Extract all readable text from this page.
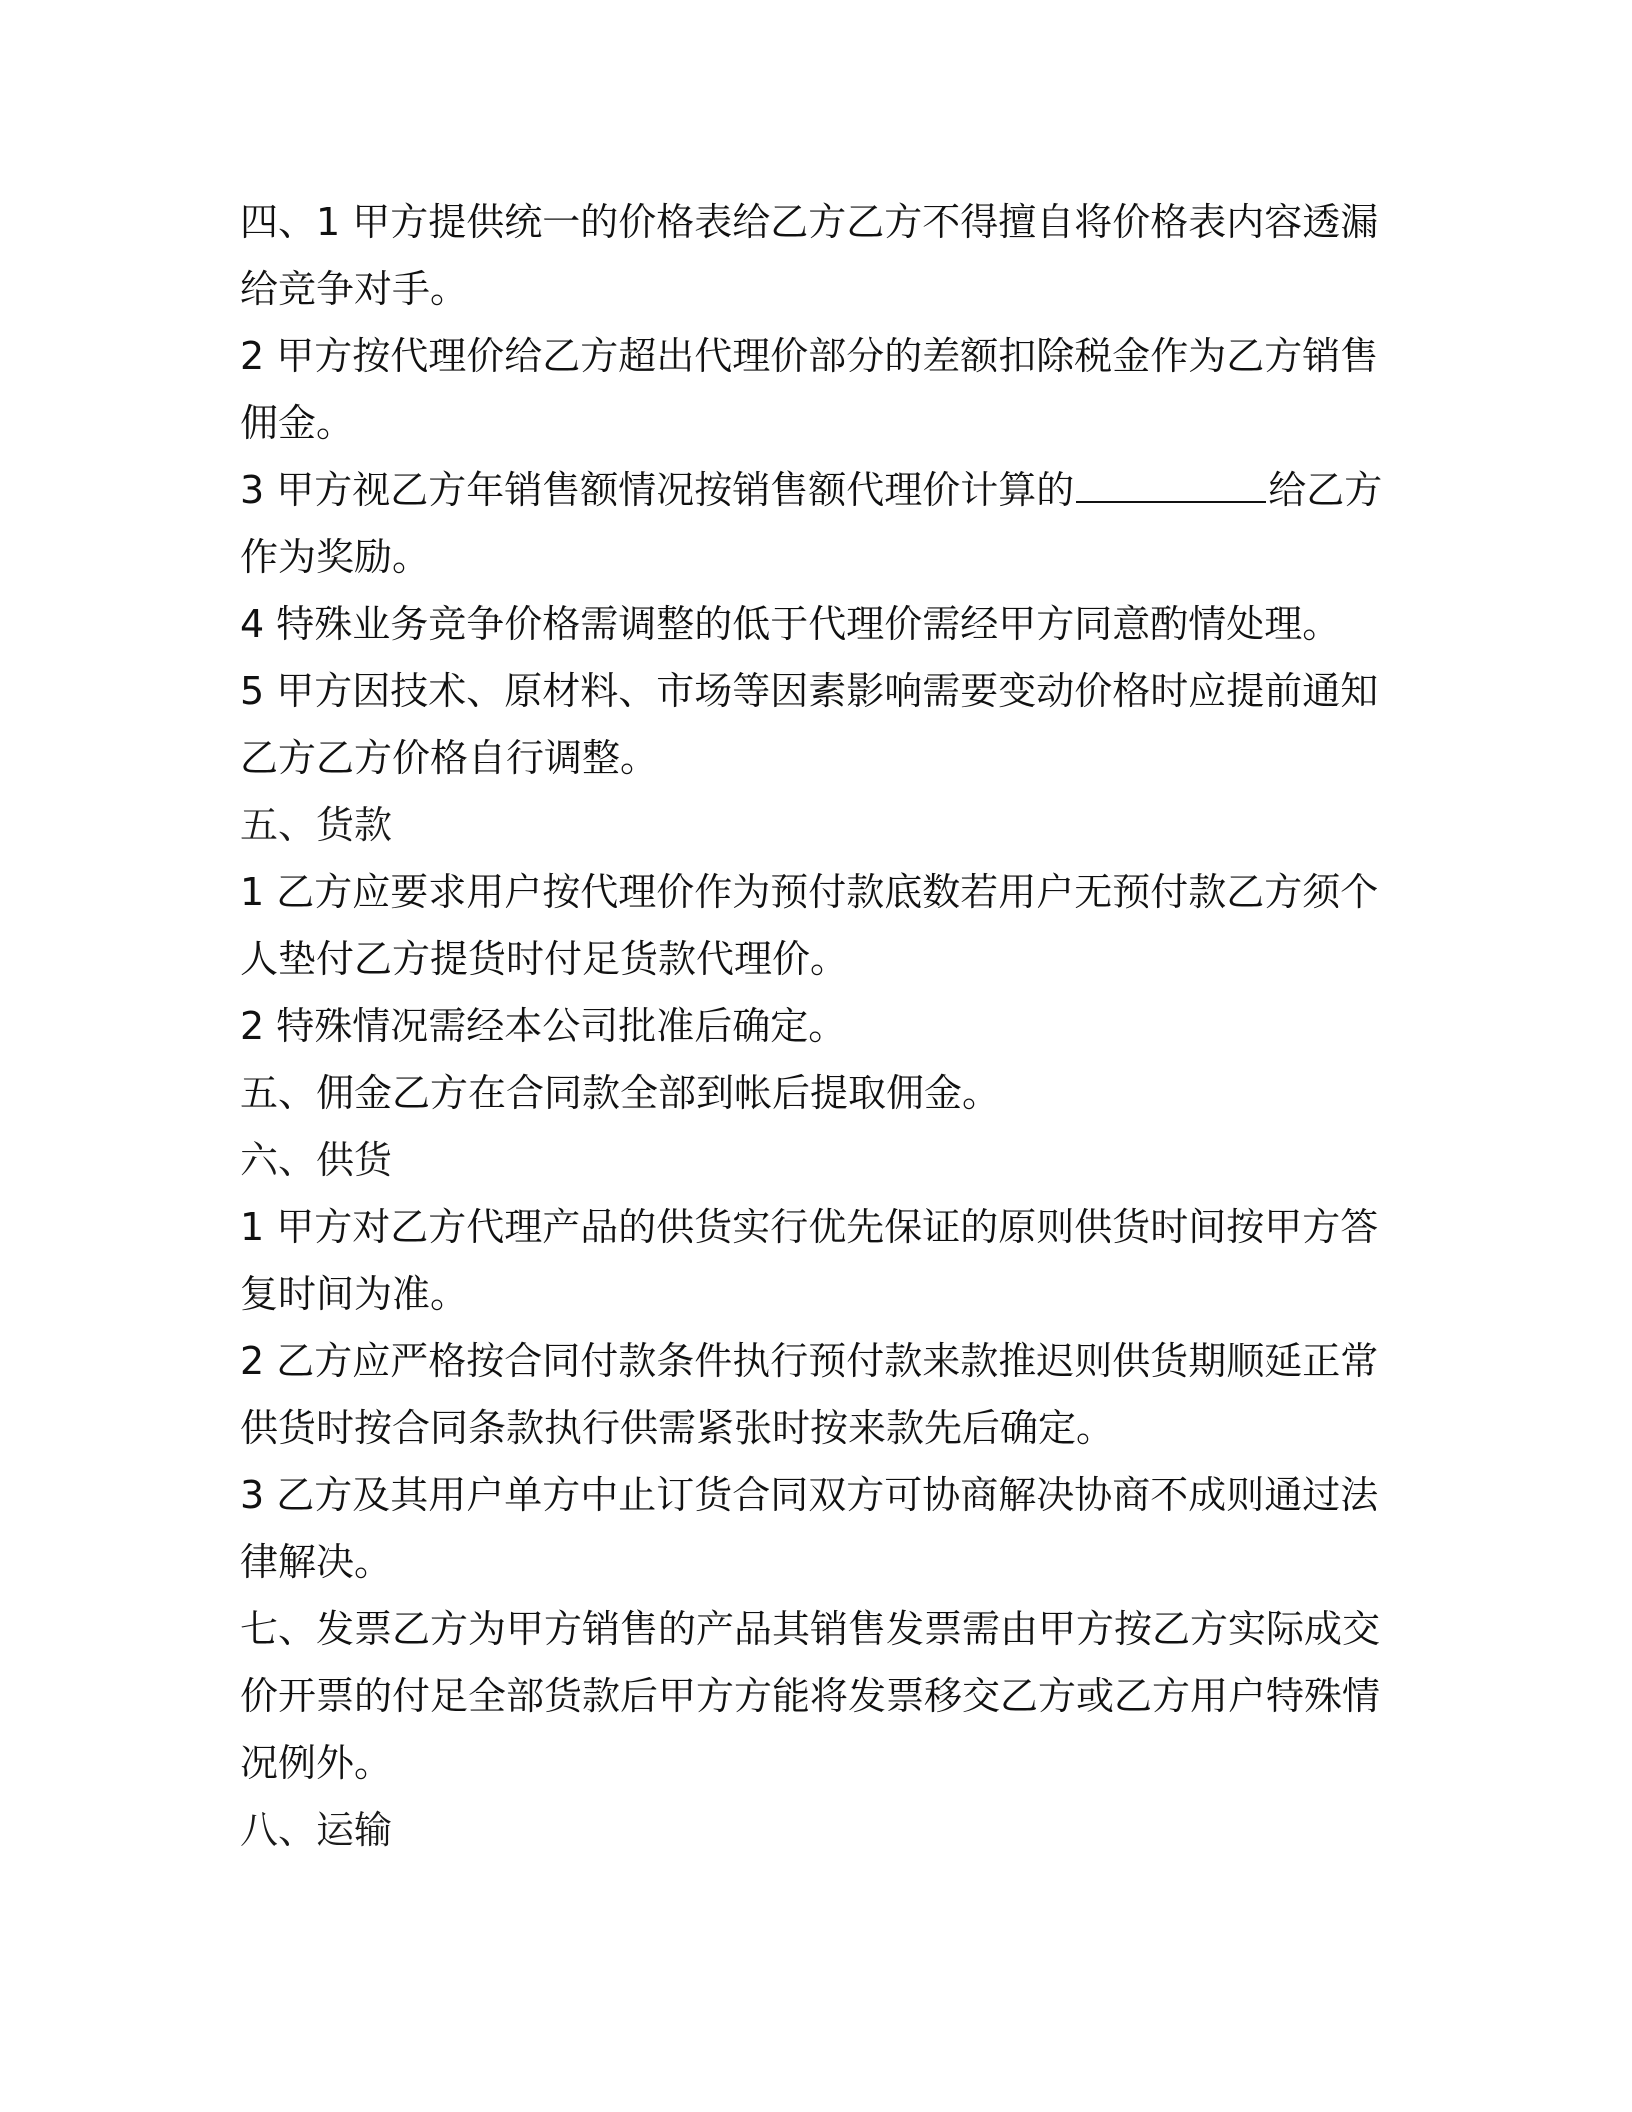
四、1 甲方提供统一的价格表给乙方乙方不得擅自将价格表内容透漏给竞争对手。

2 甲方按代理价给乙方超出代理价部分的差额扣除税金作为乙方销售佣金。

3 甲方视乙方年销售额情况按销售额代理价计算的	给乙方作为奖励。

4 特殊业务竞争价格需调整的低于代理价需经甲方同意酌情处理。

5 甲方因技术、原材料、市场等因素影响需要变动价格时应提前通知乙方乙方价格自行调整。

五、货款

1 乙方应要求用户按代理价作为预付款底数若用户无预付款乙方须个人垫付乙方提货时付足货款代理价。

2 特殊情况需经本公司批准后确定。

五、佣金乙方在合同款全部到帐后提取佣金。

六、供货

1 甲方对乙方代理产品的供货实行优先保证的原则供货时间按甲方答复时间为准。

2 乙方应严格按合同付款条件执行预付款来款推迟则供货期顺延正常供货时按合同条款执行供需紧张时按来款先后确定。

3 乙方及其用户单方中止订货合同双方可协商解决协商不成则通过法律解决。

七、发票乙方为甲方销售的产品其销售发票需由甲方按乙方实际成交价开票的付足全部货款后甲方方能将发票移交乙方或乙方用户特殊情况例外。

八、运输
